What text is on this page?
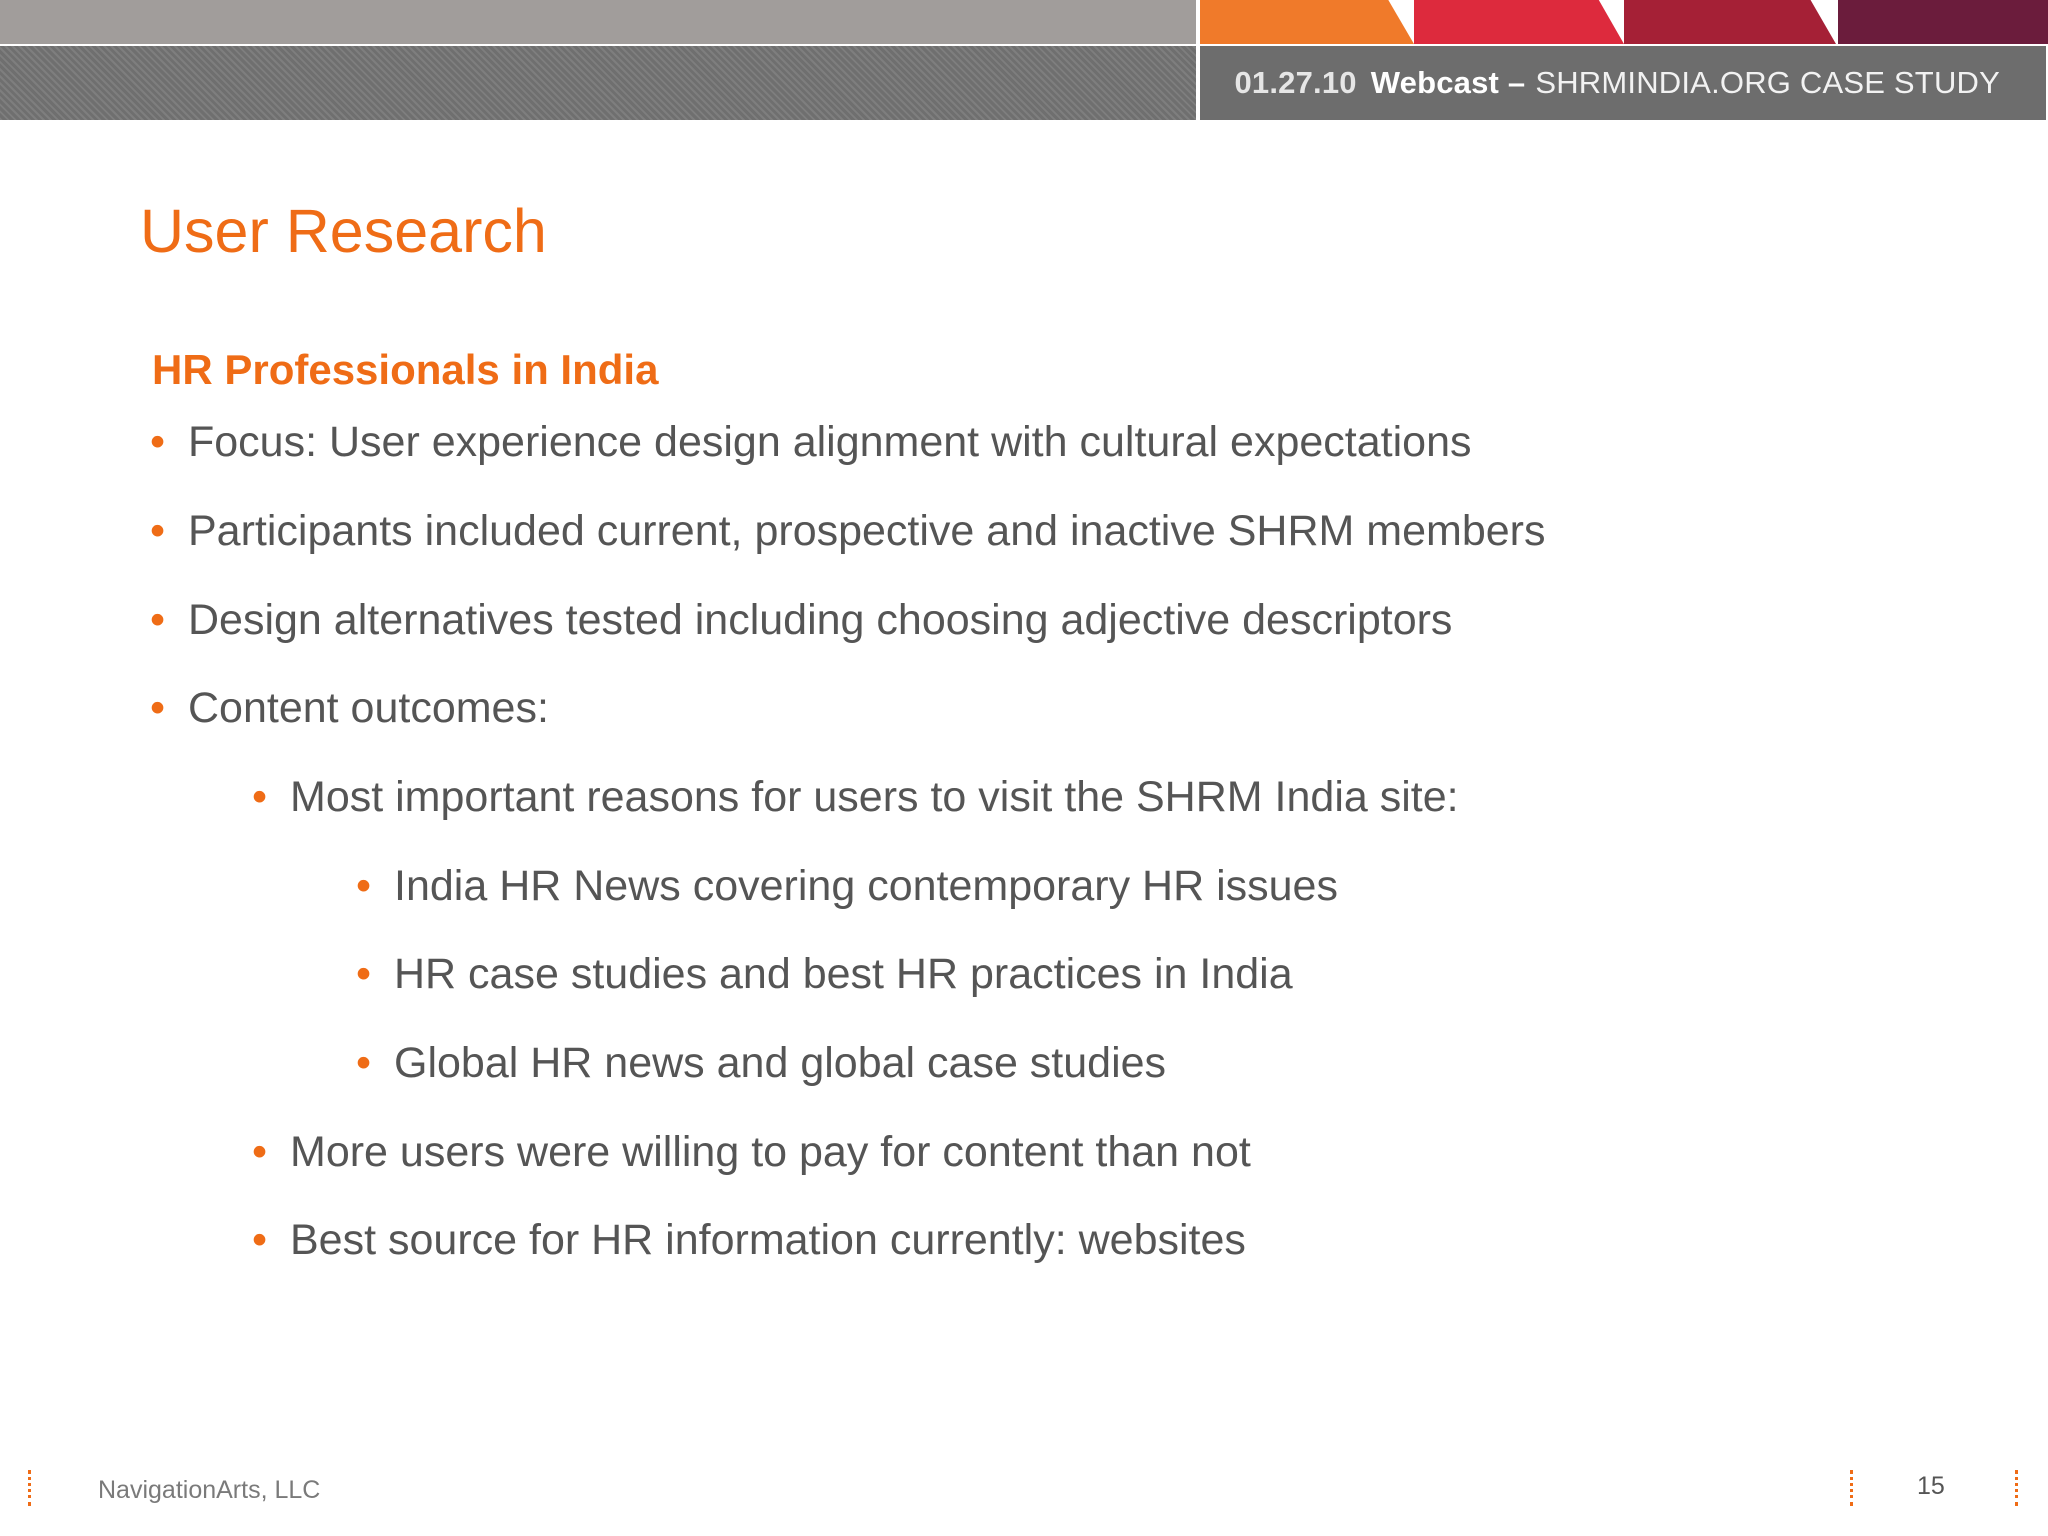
01.27.10 Webcast – SHRMINDIA.ORG CASE STUDY
User Research
HR Professionals in India
• Focus: User experience design alignment with cultural expectations
• Participants included current, prospective and inactive SHRM members
• Design alternatives tested including choosing adjective descriptors
• Content outcomes:
• Most important reasons for users to visit the SHRM India site:
• India HR News covering contemporary HR issues
• HR case studies and best HR practices in India
• Global HR news and global case studies
• More users were willing to pay for content than not
• Best source for HR information currently: websites
NavigationArts, LLC	15
